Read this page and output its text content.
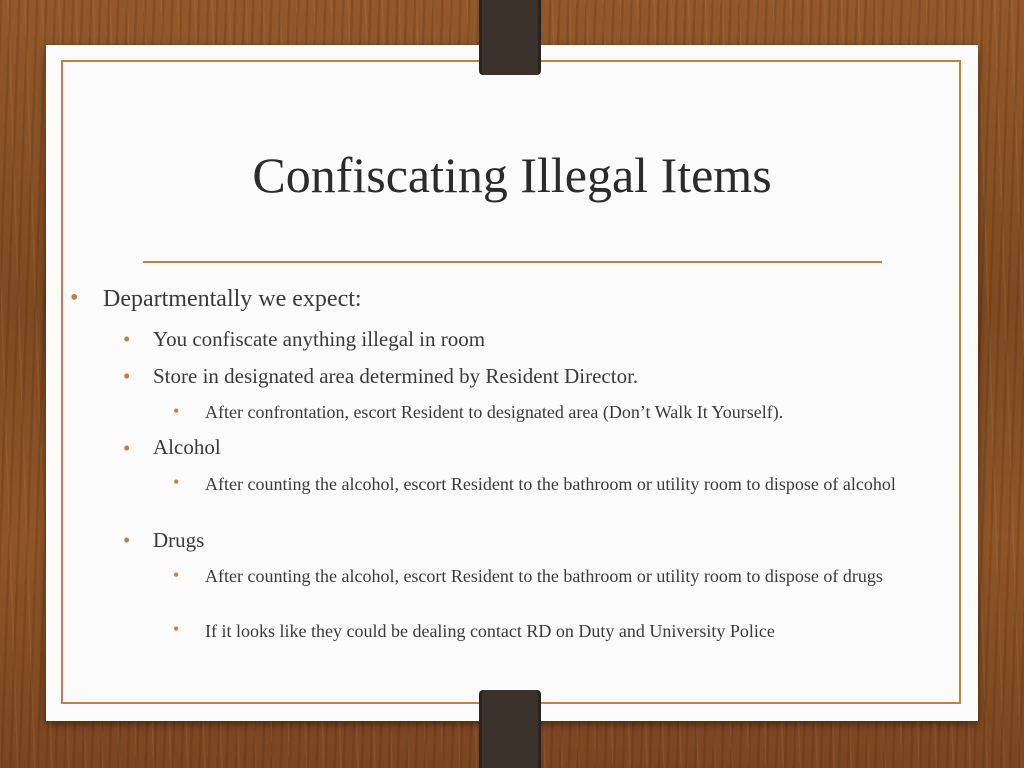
Confiscating Illegal Items
• Departmentally we expect:
• You confiscate anything illegal in room
• Store in designated area determined by Resident Director.
•	After confrontation, escort Resident to designated area (Don’t Walk It Yourself).
• Alcohol
•	After counting the alcohol, escort Resident to the bathroom or utility room to dispose of alcohol
• Drugs
•	After counting the alcohol, escort Resident to the bathroom or utility room to dispose of drugs
•	If it looks like they could be dealing contact RD on Duty and University Police
